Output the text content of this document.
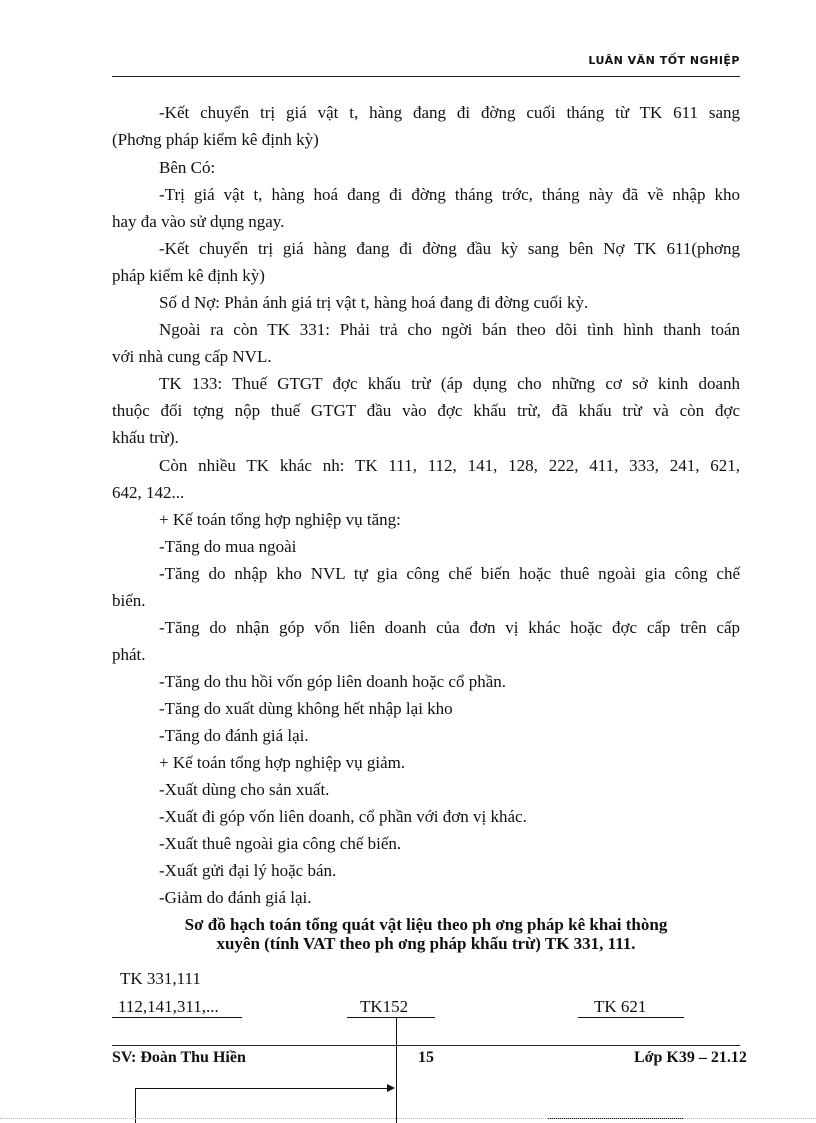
LUÂN VĂN TỐT NGHIỆP
-Kết chuyển trị giá vật t, hàng đang đi đờng cuối tháng từ TK 611 sang
(Phơng pháp kiểm kê định kỳ)
Bên Có:
-Trị giá vật t, hàng hoá đang đi đờng tháng trớc, tháng này đã về nhập kho
hay đa vào sử dụng ngay.
-Kết chuyển trị giá hàng đang đi đờng đầu kỳ sang bên Nợ TK 611(phơng
pháp kiểm kê định kỳ)
Số d Nợ: Phản ánh giá trị vật t, hàng hoá đang đi đờng cuối kỳ.
Ngoài ra còn TK 331: Phải trả cho ngời bán theo dõi tình hình thanh toán
với nhà cung cấp NVL.
TK 133: Thuế GTGT đợc khấu trừ (áp dụng cho những cơ sở kinh doanh
thuộc đối tợng nộp thuế GTGT đầu vào đợc khấu trừ, đã khấu trừ và còn đợc
khấu trừ).
Còn nhiều TK khác nh: TK 111, 112, 141, 128, 222, 411, 333, 241, 621,
642, 142...
+ Kế toán tổng hợp nghiệp vụ tăng:
-Tăng do mua ngoài
-Tăng do nhập kho NVL tự gia công chế biến hoặc thuê ngoài gia công chế
biến.
-Tăng do nhận góp vốn liên doanh của đơn vị khác hoặc đợc cấp trên cấp
phát.
-Tăng do thu hồi vốn góp liên doanh hoặc cổ phần.
-Tăng do xuất dùng không hết nhập lại kho
-Tăng do đánh giá lại.
+ Kế toán tổng hợp nghiệp vụ giảm.
-Xuất dùng cho sản xuất.
-Xuất đi góp vốn liên doanh, cổ phần với đơn vị khác.
-Xuất thuê ngoài gia công chế biến.
-Xuất gửi đại lý hoặc bán.
-Giảm do đánh giá lại.
Sơ đồ hạch toán tổng quát vật liệu theo ph ơng pháp kê khai thòng
xuyên (tính VAT theo ph ơng pháp khấu trừ) TK 331, 111.
TK 331,111
112,141,311,...	TK152	TK 621
SV: Đoàn Thu Hiền	15	Lớp K39 – 21.12
